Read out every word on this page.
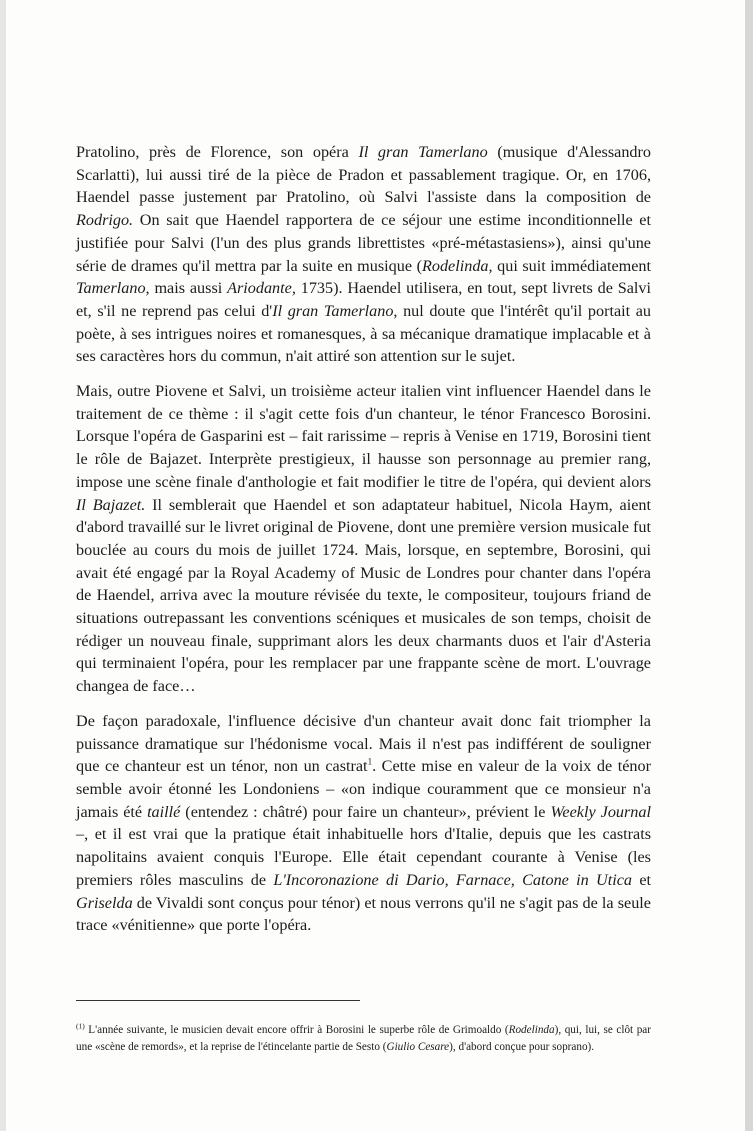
Pratolino, près de Florence, son opéra Il gran Tamerlano (musique d'Alessandro Scarlatti), lui aussi tiré de la pièce de Pradon et passablement tragique. Or, en 1706, Haendel passe justement par Pratolino, où Salvi l'assiste dans la composition de Rodrigo. On sait que Haendel rapportera de ce séjour une estime inconditionnelle et justifiée pour Salvi (l'un des plus grands librettistes «pré-métastasiens»), ainsi qu'une série de drames qu'il mettra par la suite en musique (Rodelinda, qui suit immédiatement Tamerlano, mais aussi Ariodante, 1735). Haendel utilisera, en tout, sept livrets de Salvi et, s'il ne reprend pas celui d'Il gran Tamerlano, nul doute que l'intérêt qu'il portait au poète, à ses intrigues noires et romanesques, à sa mécanique dramatique implacable et à ses caractères hors du commun, n'ait attiré son attention sur le sujet.

Mais, outre Piovene et Salvi, un troisième acteur italien vint influencer Haendel dans le traitement de ce thème : il s'agit cette fois d'un chanteur, le ténor Francesco Borosini. Lorsque l'opéra de Gasparini est – fait rarissime – repris à Venise en 1719, Borosini tient le rôle de Bajazet. Interprète prestigieux, il hausse son personnage au premier rang, impose une scène finale d'anthologie et fait modifier le titre de l'opéra, qui devient alors Il Bajazet. Il semblerait que Haendel et son adaptateur habituel, Nicola Haym, aient d'abord travaillé sur le livret original de Piovene, dont une première version musicale fut bouclée au cours du mois de juillet 1724. Mais, lorsque, en septembre, Borosini, qui avait été engagé par la Royal Academy of Music de Londres pour chanter dans l'opéra de Haendel, arriva avec la mouture révisée du texte, le compositeur, toujours friand de situations outrepassant les conventions scéniques et musicales de son temps, choisit de rédiger un nouveau finale, supprimant alors les deux charmants duos et l'air d'Asteria qui terminaient l'opéra, pour les remplacer par une frappante scène de mort. L'ouvrage changea de face…

De façon paradoxale, l'influence décisive d'un chanteur avait donc fait triompher la puissance dramatique sur l'hédonisme vocal. Mais il n'est pas indifférent de souligner que ce chanteur est un ténor, non un castrat$^1$. Cette mise en valeur de la voix de ténor semble avoir étonné les Londoniens – «on indique couramment que ce monsieur n'a jamais été taillé (entendez : châtré) pour faire un chanteur», prévient le Weekly Journal –, et il est vrai que la pratique était inhabituelle hors d'Italie, depuis que les castrats napolitains avaient conquis l'Europe. Elle était cependant courante à Venise (les premiers rôles masculins de L'Incoronazione di Dario, Farnace, Catone in Utica et Griselda de Vivaldi sont conçus pour ténor) et nous verrons qu'il ne s'agit pas de la seule trace «vénitienne» que porte l'opéra.

$^{(1)}$ L'année suivante, le musicien devait encore offrir à Borosini le superbe rôle de Grimoaldo (Rodelinda), qui, lui, se clôt par une «scène de remords», et la reprise de l'étincelante partie de Sesto (Giulio Cesare), d'abord conçue pour soprano).
